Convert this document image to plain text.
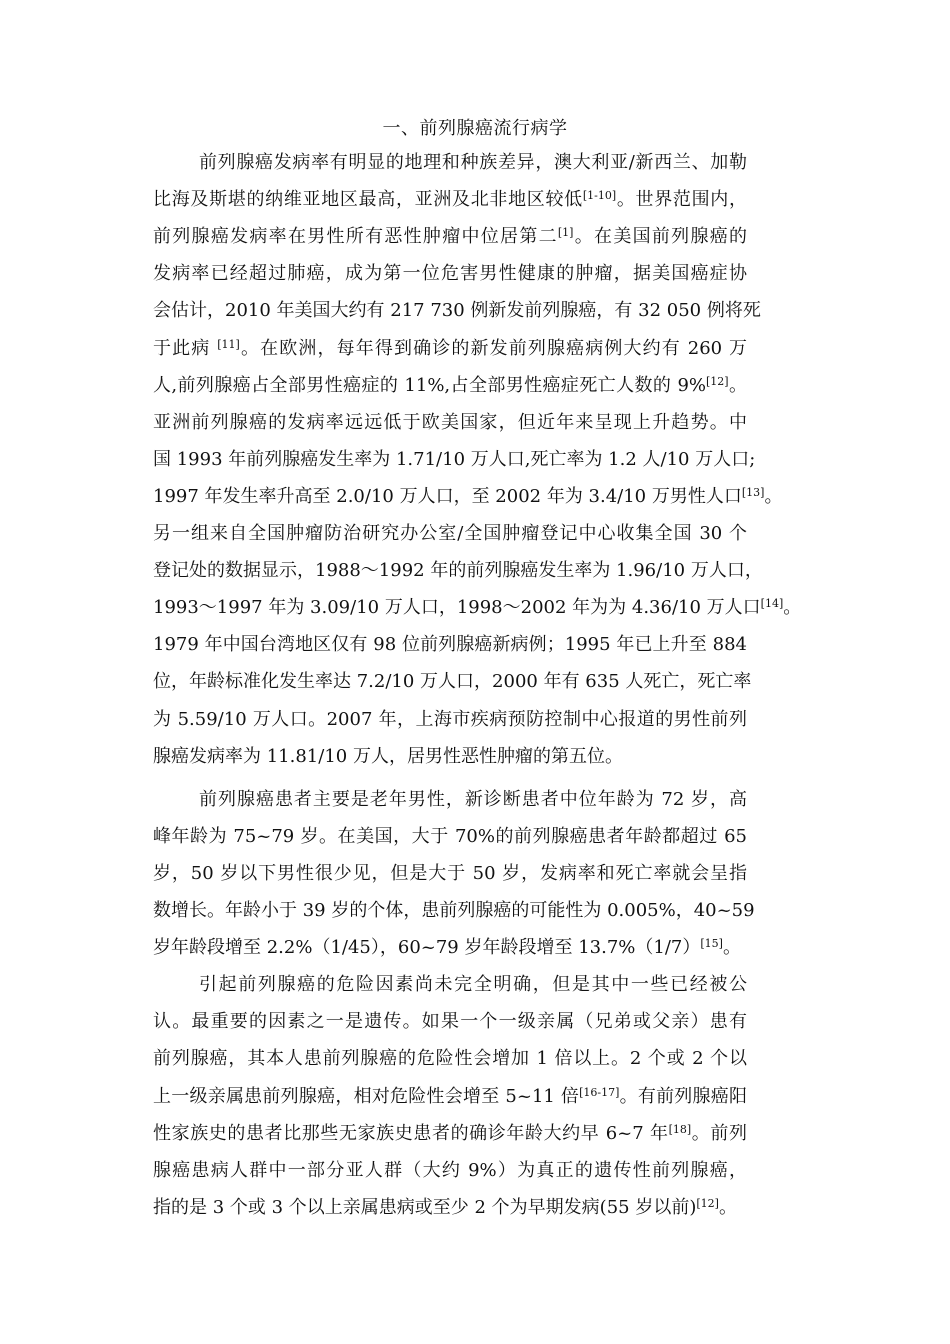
一、前列腺癌流行病学
前列腺癌发病率有明显的地理和种族差异，澳大利亚/新西兰、加勒
比海及斯堪的纳维亚地区最高，亚洲及北非地区较低[1-10]。世界范围内，
前列腺癌发病率在男性所有恶性肿瘤中位居第二[1]。在美国前列腺癌的
发病率已经超过肺癌，成为第一位危害男性健康的肿瘤，据美国癌症协
会估计，2010 年美国大约有 217 730 例新发前列腺癌，有 32 050 例将死
于此病 [11]。在欧洲，每年得到确诊的新发前列腺癌病例大约有 260 万
人,前列腺癌占全部男性癌症的 11%,占全部男性癌症死亡人数的 9%[12]。
亚洲前列腺癌的发病率远远低于欧美国家，但近年来呈现上升趋势。中
国 1993 年前列腺癌发生率为 1.71/10 万人口,死亡率为 1.2 人/10 万人口;
1997 年发生率升高至 2.0/10 万人口，至 2002 年为 3.4/10 万男性人口[13]。
另一组来自全国肿瘤防治研究办公室/全国肿瘤登记中心收集全国 30 个
登记处的数据显示，1988～1992 年的前列腺癌发生率为 1.96/10 万人口，
1993～1997 年为 3.09/10 万人口，1998～2002 年为为 4.36/10 万人口[14]。
1979 年中国台湾地区仅有 98 位前列腺癌新病例；1995 年已上升至 884
位，年龄标准化发生率达 7.2/10 万人口，2000 年有 635 人死亡，死亡率
为 5.59/10 万人口。2007 年，上海市疾病预防控制中心报道的男性前列
腺癌发病率为 11.81/10 万人，居男性恶性肿瘤的第五位。
前列腺癌患者主要是老年男性，新诊断患者中位年龄为 72 岁，高
峰年龄为 75~79 岁。在美国，大于 70%的前列腺癌患者年龄都超过 65
岁，50 岁以下男性很少见，但是大于 50 岁，发病率和死亡率就会呈指
数增长。年龄小于 39 岁的个体，患前列腺癌的可能性为 0.005%，40~59
岁年龄段增至 2.2%（1/45），60~79 岁年龄段增至 13.7%（1/7）[15]。
引起前列腺癌的危险因素尚未完全明确，但是其中一些已经被公
认。最重要的因素之一是遗传。如果一个一级亲属（兄弟或父亲）患有
前列腺癌，其本人患前列腺癌的危险性会增加 1 倍以上。2 个或 2 个以
上一级亲属患前列腺癌，相对危险性会增至 5~11 倍[16-17]。有前列腺癌阳
性家族史的患者比那些无家族史患者的确诊年龄大约早 6~7 年[18]。前列
腺癌患病人群中一部分亚人群（大约 9%）为真正的遗传性前列腺癌，
指的是 3 个或 3 个以上亲属患病或至少 2 个为早期发病(55 岁以前)[12]。
